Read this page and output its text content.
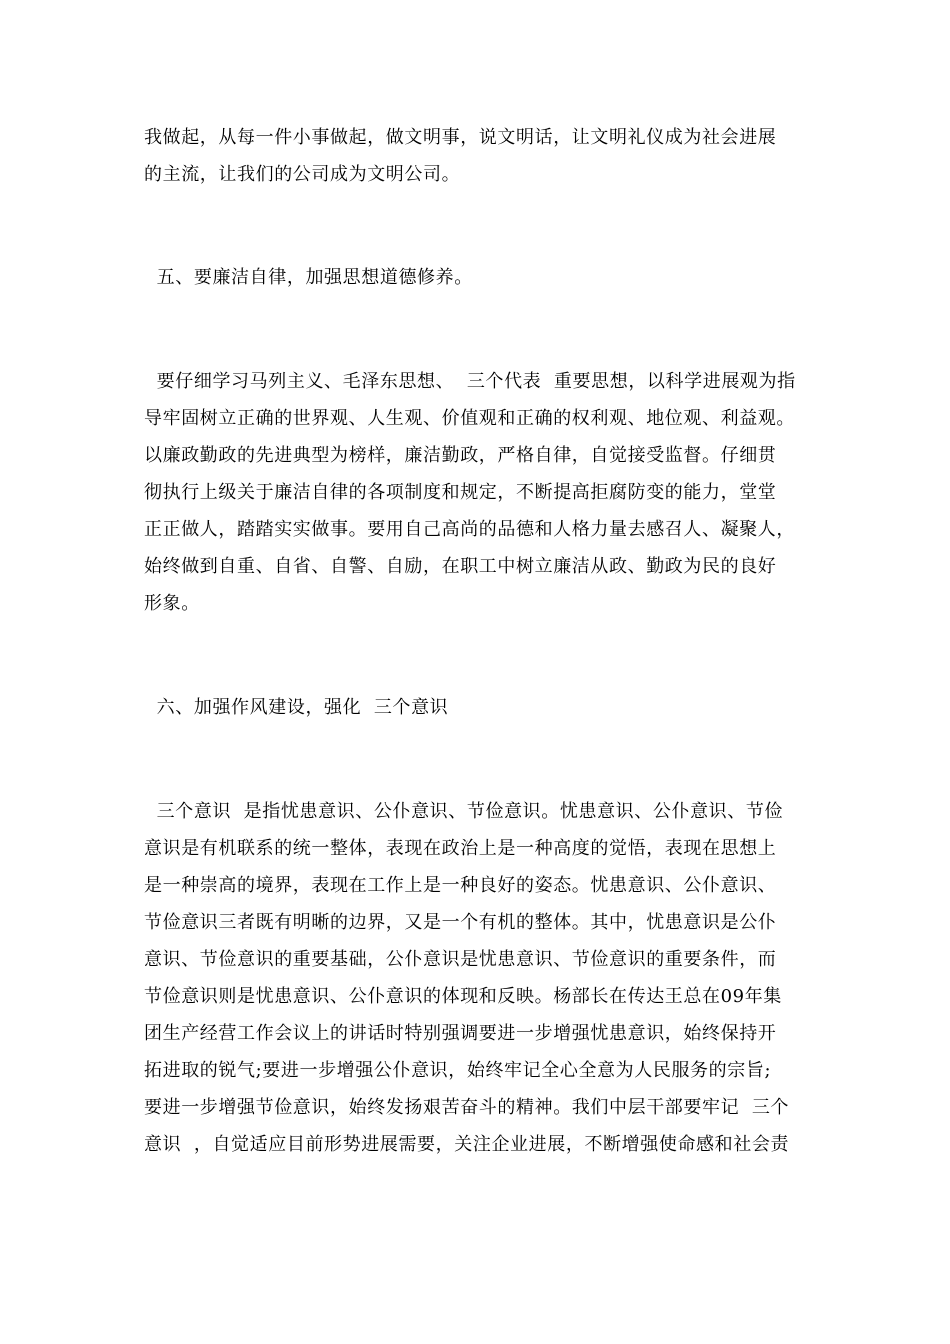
我做起，从每一件小事做起，做文明事，说文明话，让文明礼仪成为社会进展
的主流，让我们的公司成为文明公司。
五、要廉洁自律，加强思想道德修养。
要仔细学习马列主义、毛泽东思想、  三个代表  重要思想，以科学进展观为指
导牢固树立正确的世界观、人生观、价值观和正确的权利观、地位观、利益观。
以廉政勤政的先进典型为榜样，廉洁勤政，严格自律，自觉接受监督。仔细贯
彻执行上级关于廉洁自律的各项制度和规定，不断提高拒腐防变的能力，堂堂
正正做人，踏踏实实做事。要用自己高尚的品德和人格力量去感召人、凝聚人，
始终做到自重、自省、自警、自励，在职工中树立廉洁从政、勤政为民的良好
形象。
六、加强作风建设，强化  三个意识
三个意识  是指忧患意识、公仆意识、节俭意识。忧患意识、公仆意识、节俭
意识是有机联系的统一整体，表现在政治上是一种高度的觉悟，表现在思想上
是一种崇高的境界，表现在工作上是一种良好的姿态。忧患意识、公仆意识、
节俭意识三者既有明晰的边界，又是一个有机的整体。其中，忧患意识是公仆
意识、节俭意识的重要基础，公仆意识是忧患意识、节俭意识的重要条件，而
节俭意识则是忧患意识、公仆意识的体现和反映。杨部长在传达王总在09年集
团生产经营工作会议上的讲话时特别强调要进一步增强忧患意识，始终保持开
拓进取的锐气;要进一步增强公仆意识，始终牢记全心全意为人民服务的宗旨;
要进一步增强节俭意识，始终发扬艰苦奋斗的精神。我们中层干部要牢记  三个
意识  ，自觉适应目前形势进展需要，关注企业进展，不断增强使命感和社会责
